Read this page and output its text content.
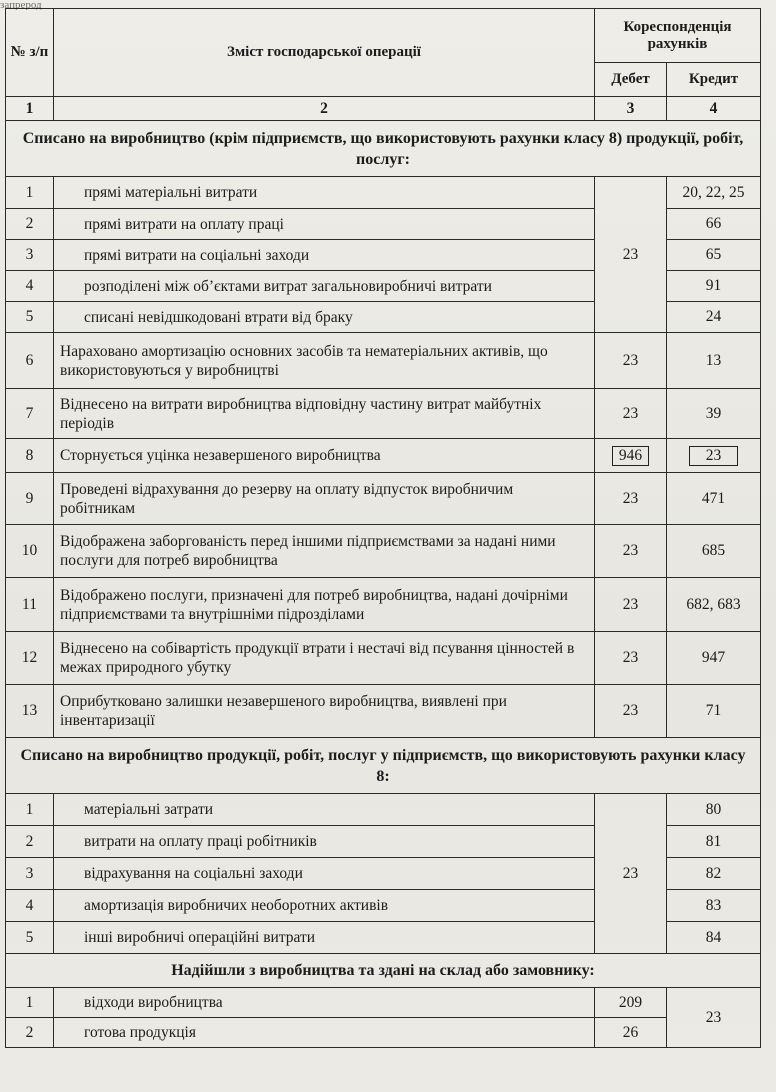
запрерод
№ з/п	Зміст господарської операції	Кореспонденція рахунків	
		Дебет	Кредит
1	2	3	4
Списано на виробництво (крім підприємств, що використовують рахунки класу 8) продукції, робіт, послуг:			
1	прямі матеріальні витрати	23	20, 22, 25
2	прямі витрати на оплату праці		66
3	прямі витрати на соціальні заходи		65
4	розподілені між об’єктами витрат загальновиробничі витрати		91
5	списані невідшкодовані втрати від браку		24
6	Нараховано амортизацію основних засобів та нематеріальних активів, що використовуються у виробництві	23	13
7	Віднесено на витрати виробництва відповідну частину витрат майбутніх періодів	23	39
8	Сторнується уцінка незавершеного виробництва	946	23
9	Проведені відрахування до резерву на оплату відпусток виробничим робітникам	23	471
10	Відображена заборгованість перед іншими підприємствами за надані ними послуги для потреб виробництва	23	685
11	Відображено послуги, призначені для потреб виробництва, надані дочірніми підприємствами та внутрішніми підрозділами	23	682, 683
12	Віднесено на собівартість продукції втрати і нестачі від псування цінностей в межах природного убутку	23	947
13	Оприбутковано залишки незавершеного виробництва, виявлені при інвентаризації	23	71
Списано на виробництво продукції, робіт, послуг у підприємств, що використовують рахунки класу 8:			
1	матеріальні затрати	23	80
2	витрати на оплату праці робітників		81
3	відрахування на соціальні заходи		82
4	амортизація виробничих необоротних активів		83
5	інші виробничі операційні витрати		84
Надійшли з виробництва та здані на склад або замовнику:			
1	відходи виробництва	209	23
2	готова продукція	26	
